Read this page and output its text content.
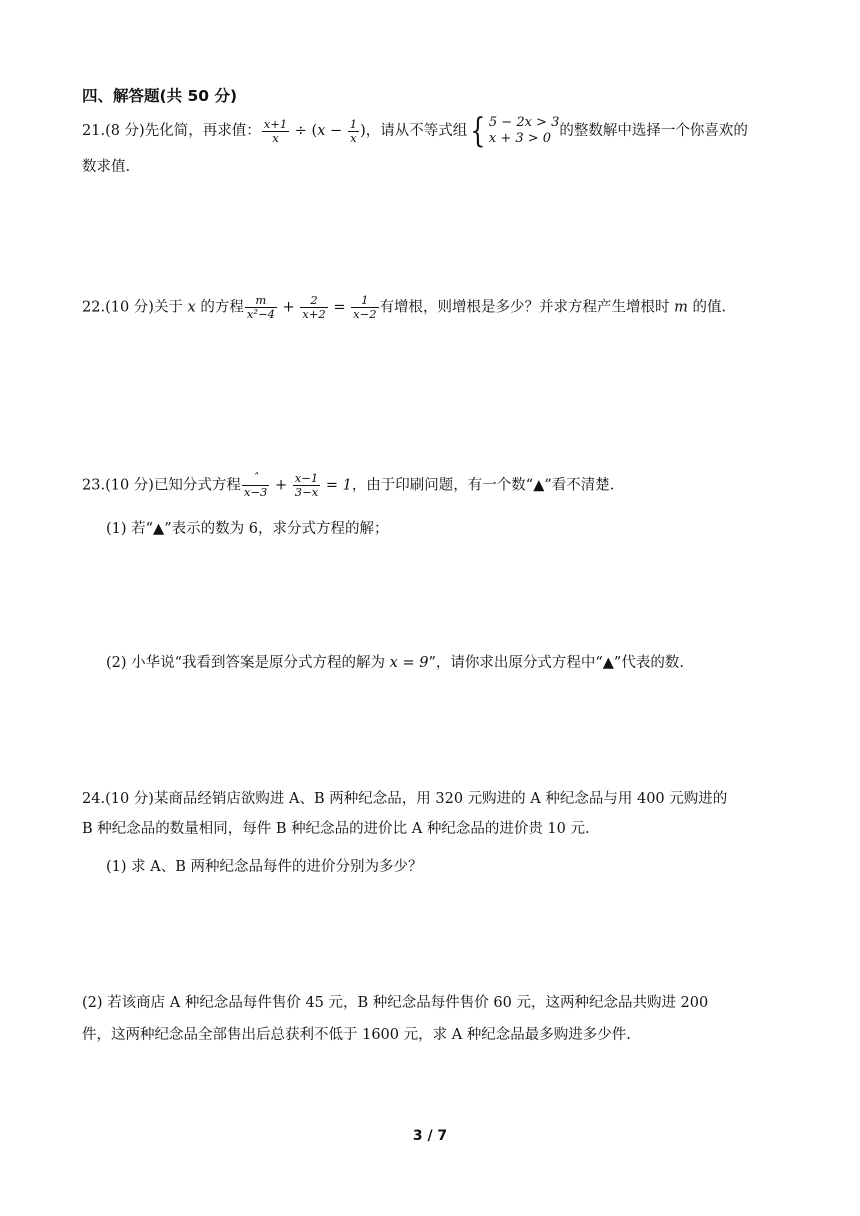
四、解答题(共 50 分)
21.(8 分)先化简，再求值： $\frac{x+1}{x} \div (x - \frac{1}{x}$ )，请从不等式组{ 5 − 2x > 3
x + 3 > 0 的整数解中选择一个你喜欢的
数求值.
22.(10 分)关于 x 的方程 $\frac{m}{\text{x²−4}} + \frac{2}{x+2} = \frac{1}{x-2}$ 有增根，则增根是多少？并求方程产生增根时 m 的值.
23.(10 分)已知分式方程 $\frac{\text{ˆ}}{x-3} + \frac{x-1}{3-x} = 1$，由于印刷问题，有一个数“▲”看不清楚.
(1) 若“▲”表示的数为 6，求分式方程的解；
(2) 小华说“我看到答案是原分式方程的解为 x = 9”，请你求出原分式方程中“▲”代表的数.
24.(10 分)某商品经销店欲购进 A、B 两种纪念品，用 320 元购进的 A 种纪念品与用 400 元购进的
B 种纪念品的数量相同，每件 B 种纪念品的进价比 A 种纪念品的进价贵 10 元.
(1) 求 A、B 两种纪念品每件的进价分别为多少？
(2) 若该商店 A 种纪念品每件售价 45 元，B 种纪念品每件售价 60 元，这两种纪念品共购进 200
件，这两种纪念品全部售出后总获利不低于 1600 元，求 A 种纪念品最多购进多少件.
3 / 7
